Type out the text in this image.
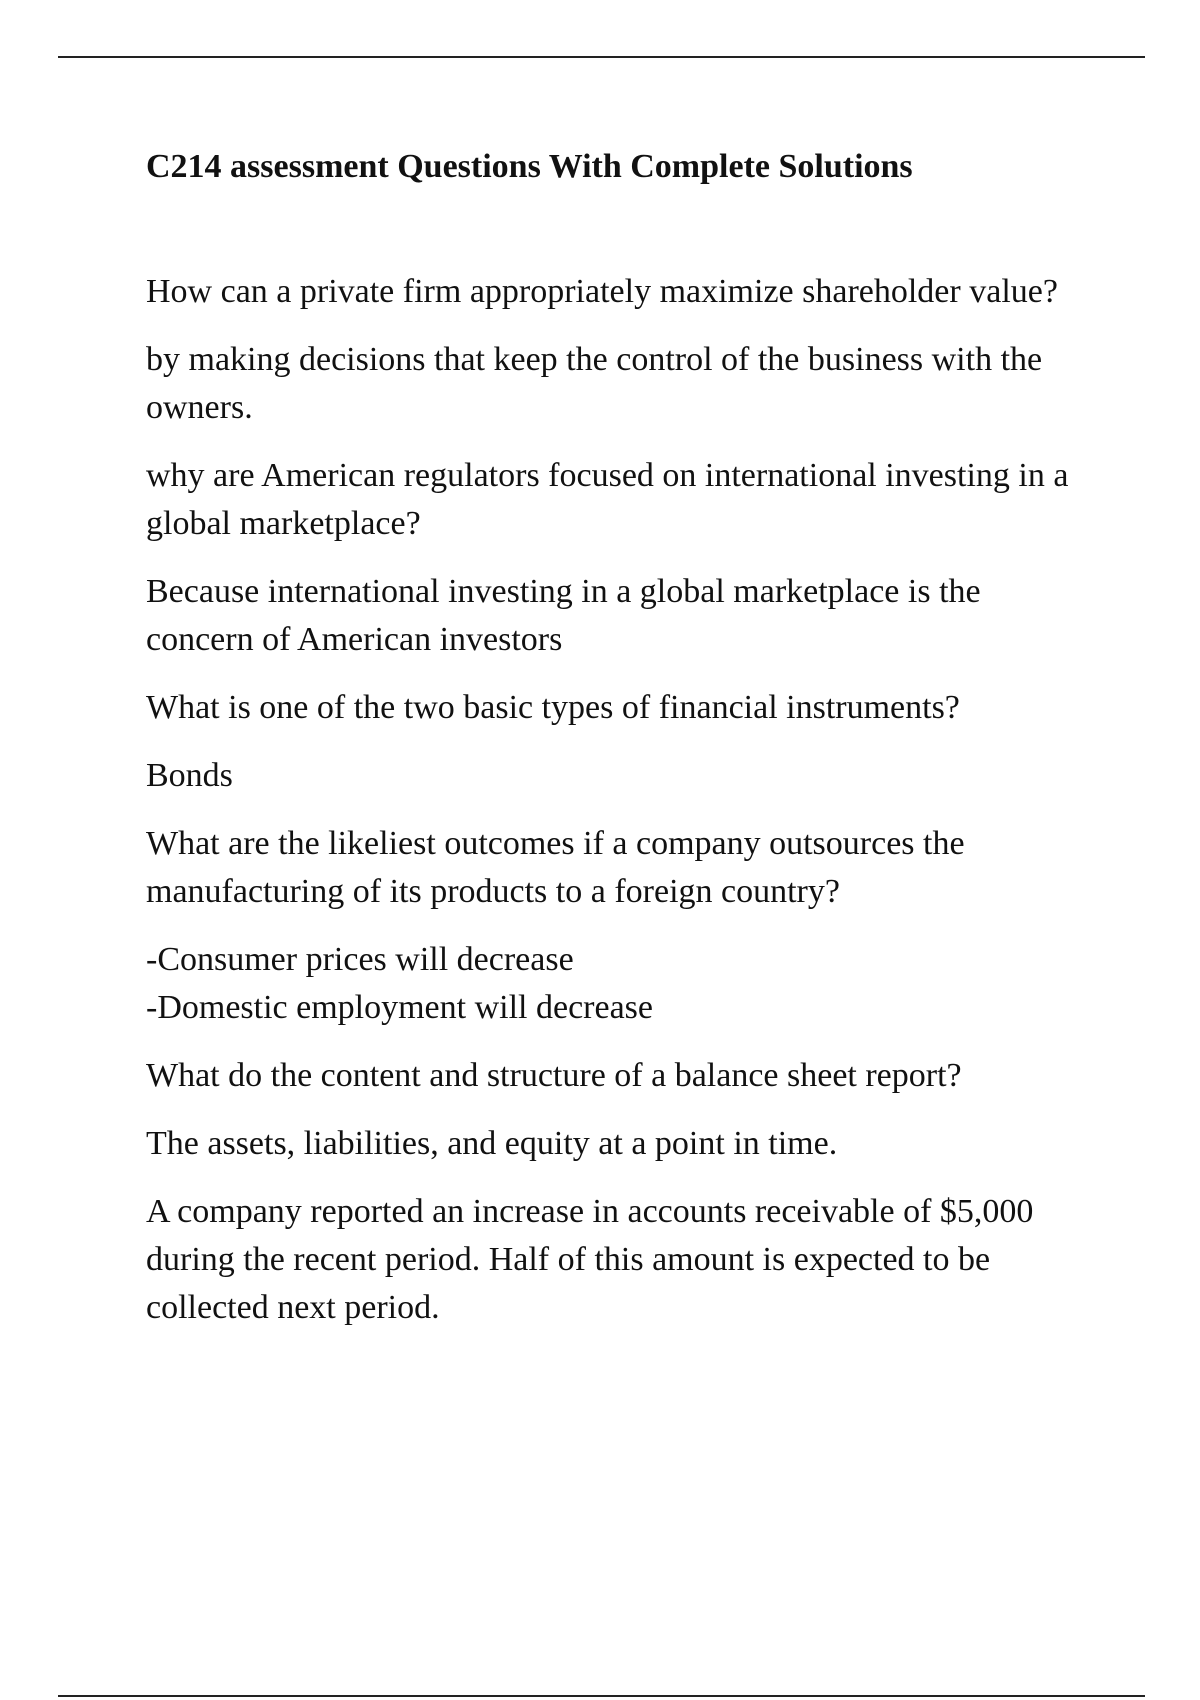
C214 assessment Questions With Complete Solutions

How can a private firm appropriately maximize shareholder value?

by making decisions that keep the control of the business with the owners.

why are American regulators focused on international investing in a global marketplace?

Because international investing in a global marketplace is the concern of American investors

What is one of the two basic types of financial instruments?

Bonds

What are the likeliest outcomes if a company outsources the manufacturing of its products to a foreign country?

-Consumer prices will decrease
-Domestic employment will decrease

What do the content and structure of a balance sheet report?

The assets, liabilities, and equity at a point in time.

A company reported an increase in accounts receivable of $5,000 during the recent period. Half of this amount is expected to be collected next period.
